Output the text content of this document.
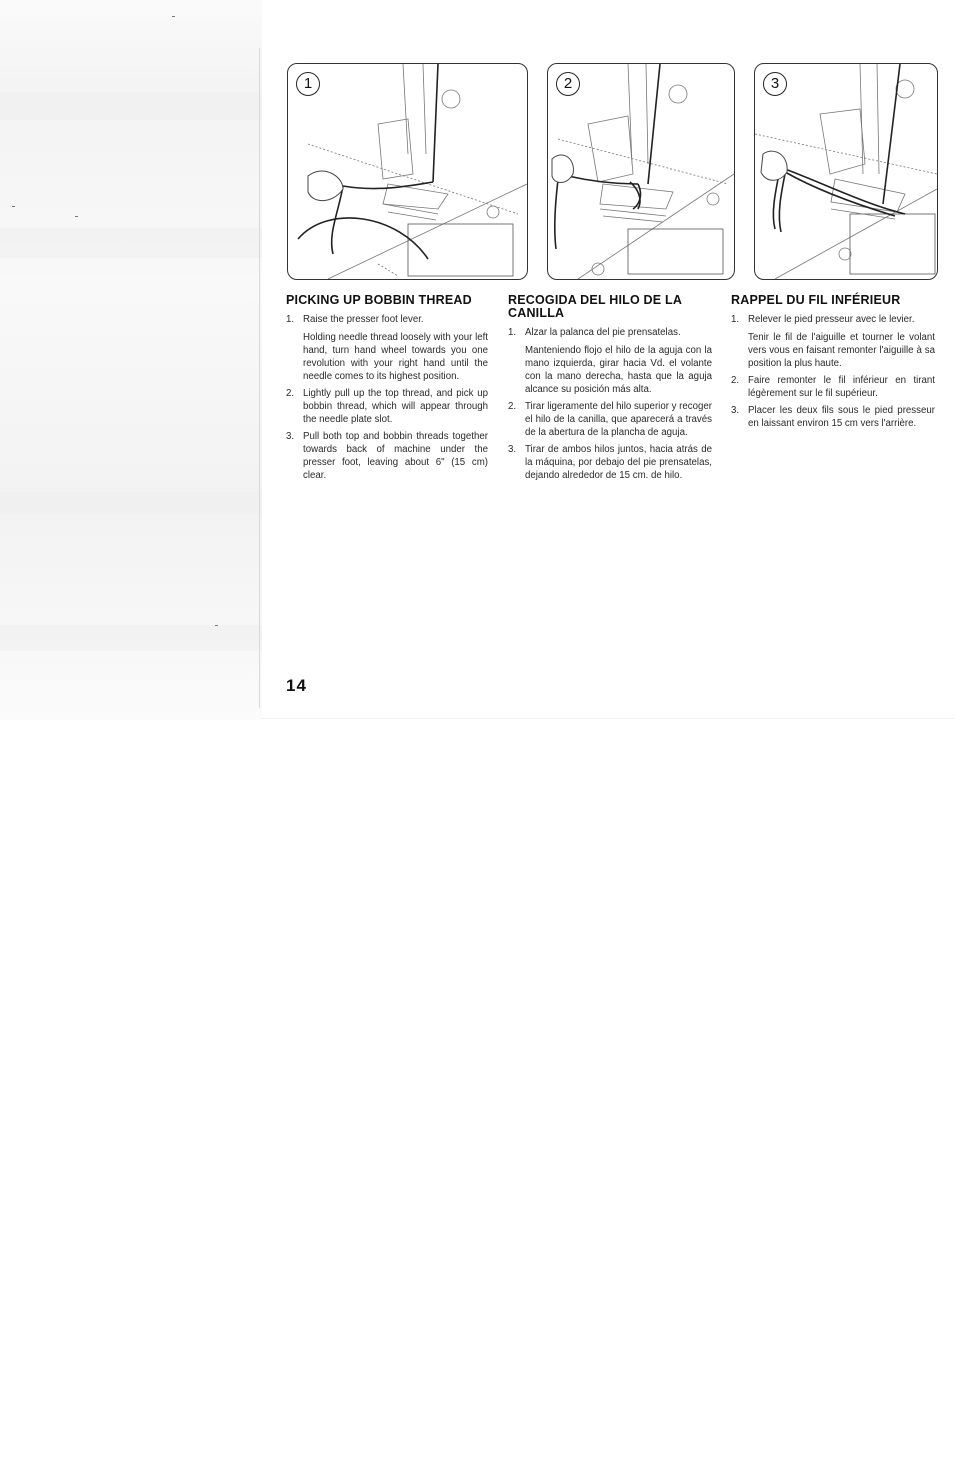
1	2	3
PICKING UP BOBBIN THREAD
1. Raise the presser foot lever.

Holding needle thread loosely with your left hand, turn hand wheel towards you one revolution with your right hand until the needle comes to its highest position.

2. Lightly pull up the top thread, and pick up bobbin thread, which will appear through the needle plate slot.

3. Pull both top and bobbin threads together towards back of machine under the presser foot, leaving about 6" (15 cm) clear.

RECOGIDA DEL HILO DE LA CANILLA
1. Alzar la palanca del pie prensatelas.

Manteniendo flojo el hilo de la aguja con la mano izquierda, girar hacia Vd. el volante con la mano derecha, hasta que la aguja alcance su posición más alta.

2. Tirar ligeramente del hilo superior y recoger el hilo de la canilla, que aparecerá a través de la abertura de la plancha de aguja.

3. Tirar de ambos hilos juntos, hacia atrás de la máquina, por debajo del pie prensatelas, dejando alrededor de 15 cm. de hilo.

RAPPEL DU FIL INFÉRIEUR
1. Relever le pied presseur avec le levier.

Tenir le fil de l'aiguille et tourner le volant vers vous en faisant remonter l'aiguille à sa position la plus haute.

2. Faire remonter le fil inférieur en tirant légèrement sur le fil supérieur.

3. Placer les deux fils sous le pied presseur en laissant environ 15 cm vers l'arrière.

14
